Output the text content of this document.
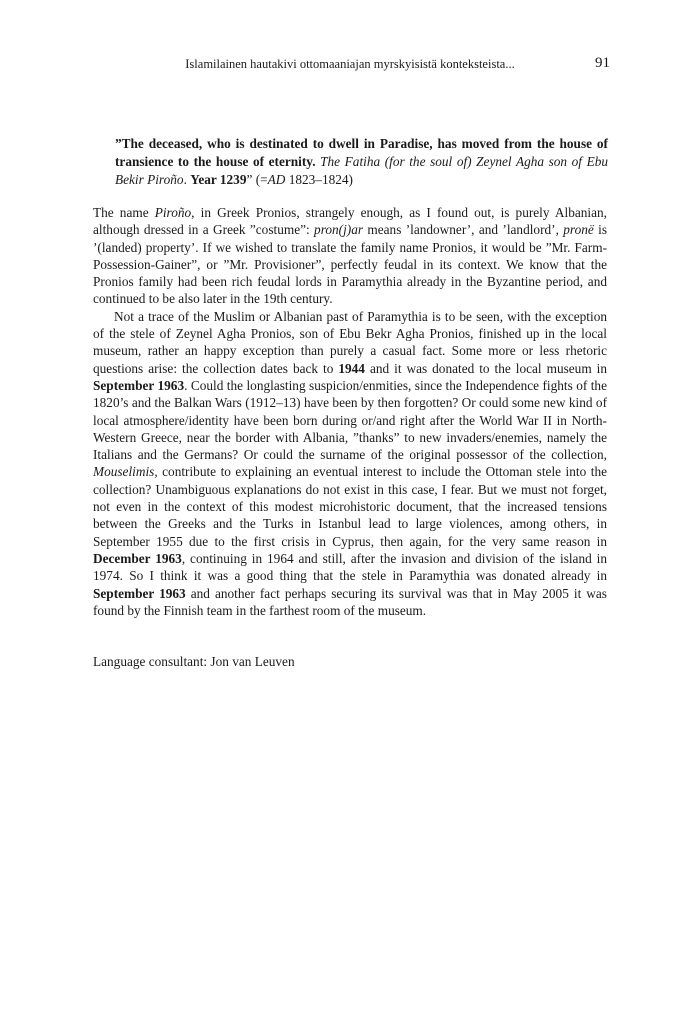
Islamilainen hautakivi ottomaaniajan myrskyisistä konteksteista...	91
”The deceased, who is destinated to dwell in Paradise, has moved from the house of transience to the house of eternity. The Fatiha (for the soul of) Zeynel Agha son of Ebu Bekir Piroño. Year 1239” (=AD 1823–1824)

The name Piroño, in Greek Pronios, strangely enough, as I found out, is purely Albanian, although dressed in a Greek ”costume”: pron(j)ar means ’landowner’, and ’landlord’, pronë is ’(landed) property’. If we wished to translate the family name Pronios, it would be ”Mr. Farm-Possession-Gainer”, or ”Mr. Provisioner”, perfectly feudal in its context. We know that the Pronios family had been rich feudal lords in Paramythia already in the Byzantine period, and continued to be also later in the 19th century.

Not a trace of the Muslim or Albanian past of Paramythia is to be seen, with the exception of the stele of Zeynel Agha Pronios, son of Ebu Bekr Agha Pronios, finished up in the local museum, rather an happy exception than purely a casual fact. Some more or less rhetoric questions arise: the collection dates back to 1944 and it was donated to the local museum in September 1963. Could the longlasting suspicion/enmities, since the Independence fights of the 1820’s and the Balkan Wars (1912–13) have been by then forgotten? Or could some new kind of local atmosphere/identity have been born during or/and right after the World War II in North-Western Greece, near the border with Albania, ”thanks” to new invaders/enemies, namely the Italians and the Germans? Or could the surname of the original possessor of the collection, Mouselimis, contribute to explaining an eventual interest to include the Ottoman stele into the collection? Unambiguous explanations do not exist in this case, I fear. But we must not forget, not even in the context of this modest microhistoric document, that the increased tensions between the Greeks and the Turks in Istanbul lead to large violences, among others, in September 1955 due to the first crisis in Cyprus, then again, for the very same reason in December 1963, continuing in 1964 and still, after the invasion and division of the island in 1974. So I think it was a good thing that the stele in Paramythia was donated already in September 1963 and another fact perhaps securing its survival was that in May 2005 it was found by the Finnish team in the farthest room of the museum.

Language consultant: Jon van Leuven
